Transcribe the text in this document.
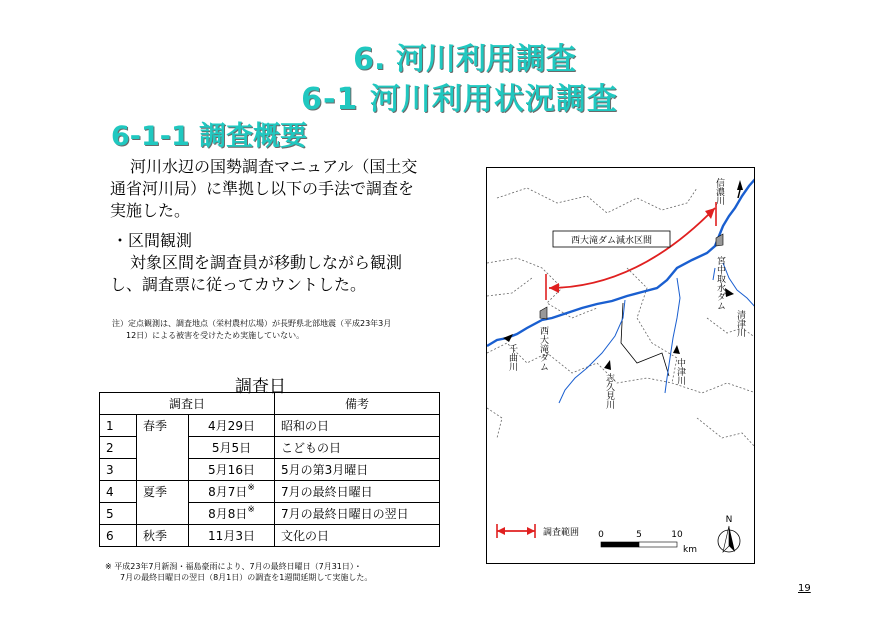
6. 河川利用調査
6-1 河川利用状況調査
6-1-1 調査概要
河川水辺の国勢調査マニュアル（国土交
通省河川局）に準拠し以下の手法で調査を
実施した。
・区間観測
対象区間を調査員が移動しながら観測
し、調査票に従ってカウントした。
注）定点観測は、調査地点（栄村農村広場）が長野県北部地震（平成23年3月
12日）による被害を受けたため実施していない。
調査日
調査日			備考
1	春季	4月29日	昭和の日
2		5月5日	こどもの日
3		5月16日	5月の第3月曜日
4	夏季	8月7日※	7月の最終日曜日
5		8月8日※	7月の最終日曜日の翌日
6	秋季	11月3日	文化の日
※ 平成23年7月新潟・福島豪雨により、7月の最終日曜日（7月31日）・
7月の最終日曜日の翌日（8月1日）の調査を1週間延期して実施した。
西大滝ダム減水区間
信濃川
宮中取水ダム
清津川
西大滝ダム
千曲川
志久見川
中津川
調査範囲 0	5	10
km
N
19
